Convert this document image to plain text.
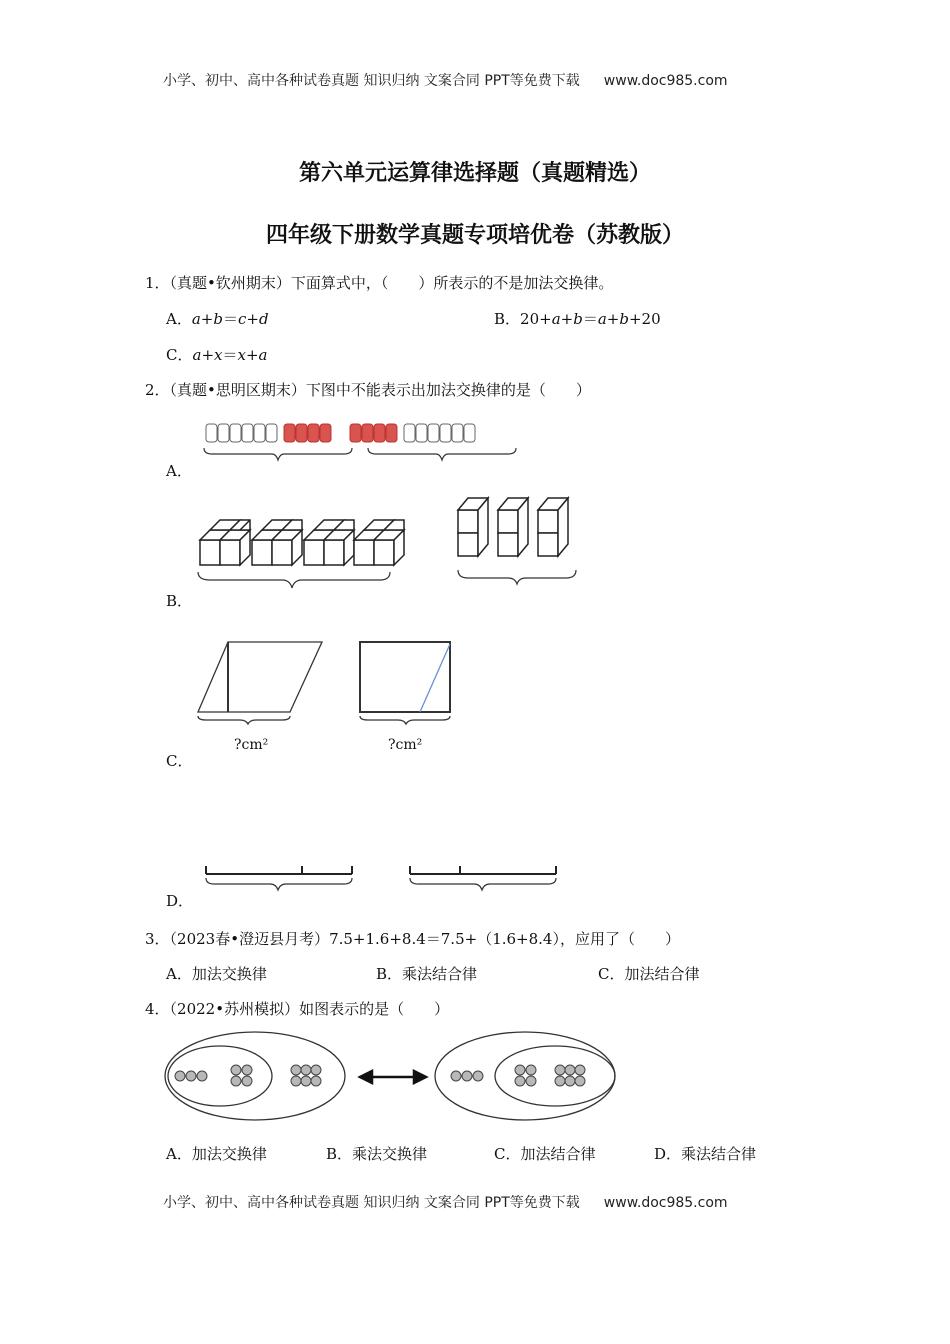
小学、初中、高中各种试卷真题 知识归纳 文案合同 PPT等免费下载 www.doc985.com
第六单元运算律选择题（真题精选）
四年级下册数学真题专项培优卷（苏教版）
1．（真题•钦州期末）下面算式中，（　　）所表示的不是加法交换律。
A．a+b＝c+d	B．20+a+b＝a+b+20
C．a+x＝x+a
2．（真题•思明区期末）下图中不能表示出加法交换律的是（　　）
A．
B．
C．
?cm²	?cm²
D．
3．（2023春•澄迈县月考）7.5+1.6+8.4＝7.5+（1.6+8.4），应用了（　　）
A．加法交换律	B．乘法结合律	C．加法结合律
4．（2022•苏州模拟）如图表示的是（　　）
A．加法交换律	B．乘法交换律	C．加法结合律	D．乘法结合律
小学、初中、高中各种试卷真题 知识归纳 文案合同 PPT等免费下载 www.doc985.com
